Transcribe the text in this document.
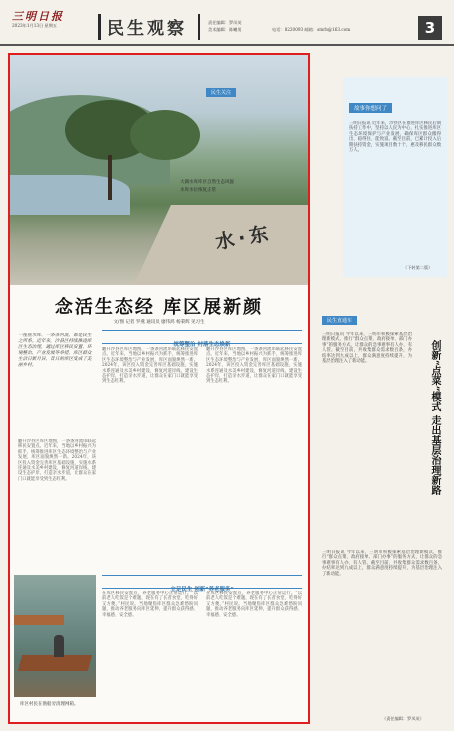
三明日报
2023年1月13日 星期五	民生观察	责任编辑：罗凤英
美术编辑：陈曦男	电话：8220093 邮箱：smrb@163.com	3
民生关注
大湖水库库区自然生态风貌
水库水位恢复正常
水·东
念活生态经 库区展新颜
文/图 记者 罗燕 通讯员 廖伟鸿 杨秉辉 见习生
一座座水库、一条条河流，都是民生之所系。近年来，沙县区持续推进库区生态治理，通过库区移民安置、环境整治、产业发展等举措，库区群众生活日新月异，昔日的库区变成了美丽乡村。
统筹整治 村落生态焕新
翻开沙县区库区地图，一条条河流串联起移民安置点。近年来，当地以乡村振兴为抓手，统筹推进库区生态环境整治与产业发展，库区面貌焕然一新。2024年，该区投入资金完善库区基础设施，实施水系连通及水美乡村建设，修复河道岸线，建设生态护岸，打造亲水步道，让群众在家门口就能享受到生态红利。
翻开沙县区库区地图，一条条河流串联起移民安置点。近年来，当地以乡村振兴为抓手，统筹推进库区生态环境整治与产业发展，库区面貌焕然一新。2024年，该区投入资金完善库区基础设施，实施水系连通及水美乡村建设，修复河道岸线，建设生态护岸，打造亲水步道，让群众在家门口就能享受到生态红利。
立足民生 创新“养老服务”
在库区移民安置点，养老服务中心正常运行。“以前老人吃饭是个难题，现在有了长者食堂，吃得好又方便。”村民说。当地聚焦库区群众急难愁盼问题，推动养老服务向库区延伸，提升群众获得感、幸福感、安全感。
在库区移民安置点，养老服务中心正常运行。“以前老人吃饭是个难题，现在有了长者食堂，吃得好又方便。”村民说。当地聚焦库区群众急难愁盼问题，推动养老服务向库区延伸，提升群众获得感、幸福感、安全感。
翻开沙县区库区地图，一条条河流串联起移民安置点。近年来，当地以乡村振兴为抓手，统筹推进库区生态环境整治与产业发展，库区面貌焕然一新。2024年，该区投入资金完善库区基础设施，实施水系连通及水美乡村建设，修复河道岸线，建设生态护岸，打造亲水步道，让群众在家门口就能享受到生态红利。
库区村民在渔船旁清理网箱。
故事你想问了
三明日报讯 近年来，沙县区在推进库区移民后期扶持工作中，坚持以人民为中心，扎实推进库区生态环境保护与产业发展，确保库区群众搬得出、稳得住、能致富。截至目前，已累计投入后期扶持资金，实施项目数十个，惠及移民群众数万人。
（下转第二版）
民生直通车
创新“点菜”模式 走出基层治理新路
三明日报讯 今年以来，三明市积极探索基层治理新模式，推行“群众点菜、政府接单、部门办事”的服务方式，让群众的急事难事有人办、有人管。截至目前，共收集群众需求数百条，办结率达到九成以上，群众满意度持续提升，为基层治理注入了新动能。
三明日报讯 今年以来，三明市积极探索基层治理新模式，推行“群众点菜、政府接单、部门办事”的服务方式，让群众的急事难事有人办、有人管。截至目前，共收集群众需求数百条，办结率达到九成以上，群众满意度持续提升，为基层治理注入了新动能。
（责任编辑：罗凤英）
